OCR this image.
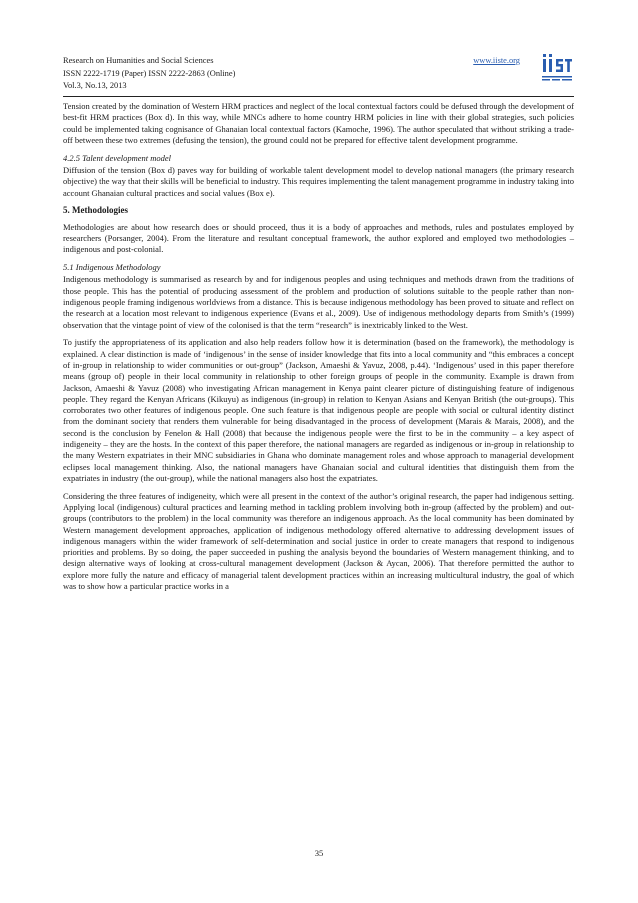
Research on Humanities and Social Sciences
ISSN 2222-1719 (Paper) ISSN 2222-2863 (Online)
Vol.3, No.13, 2013
www.iiste.org

Tension created by the domination of Western HRM practices and neglect of the local contextual factors could be defused through the development of best-fit HRM practices (Box d). In this way, while MNCs adhere to home country HRM policies in line with their global strategies, such policies could be implemented taking cognisance of Ghanaian local contextual factors (Kamoche, 1996). The author speculated that without striking a trade-off between these two extremes (defusing the tension), the ground could not be prepared for effective talent development programme.

4.2.5 Talent development model

Diffusion of the tension (Box d) paves way for building of workable talent development model to develop national managers (the primary research objective) the way that their skills will be beneficial to industry. This requires implementing the talent management programme in industry taking into account Ghanaian cultural practices and social values (Box e).

5. Methodologies

Methodologies are about how research does or should proceed, thus it is a body of approaches and methods, rules and postulates employed by researchers (Porsanger, 2004). From the literature and resultant conceptual framework, the author explored and employed two methodologies – indigenous and post-colonial.

5.1 Indigenous Methodology

Indigenous methodology is summarised as research by and for indigenous peoples and using techniques and methods drawn from the traditions of those people. This has the potential of producing assessment of the problem and production of solutions suitable to the people rather than non-indigenous people framing indigenous worldviews from a distance. This is because indigenous methodology has been proved to situate and reflect on the research at a location most relevant to indigenous experience (Evans et al., 2009). Use of indigenous methodology departs from Smith’s (1999) observation that the vintage point of view of the colonised is that the term “research” is inextricably linked to the West.

To justify the appropriateness of its application and also help readers follow how it is determination (based on the framework), the methodology is explained. A clear distinction is made of ‘indigenous’ in the sense of insider knowledge that fits into a local community and “this embraces a concept of in-group in relationship to wider communities or out-group” (Jackson, Amaeshi & Yavuz, 2008, p.44). ‘Indigenous’ used in this paper therefore means (group of) people in their local community in relationship to other foreign groups of people in the community. Example is drawn from Jackson, Amaeshi & Yavuz (2008) who investigating African management in Kenya paint clearer picture of distinguishing feature of indigenous people. They regard the Kenyan Africans (Kikuyu) as indigenous (in-group) in relation to Kenyan Asians and Kenyan British (the out-groups). This corroborates two other features of indigenous people. One such feature is that indigenous people are people with social or cultural identity distinct from the dominant society that renders them vulnerable for being disadvantaged in the process of development (Marais & Marais, 2008), and the second is the conclusion by Fenelon & Hall (2008) that because the indigenous people were the first to be in the community – a key aspect of indigeneity – they are the hosts. In the context of this paper therefore, the national managers are regarded as indigenous or in-group in relationship to the many Western expatriates in their MNC subsidiaries in Ghana who dominate management roles and whose approach to managerial development eclipses local management thinking. Also, the national managers have Ghanaian social and cultural identities that distinguish them from the expatriates in industry (the out-group), while the national managers also host the expatriates.

Considering the three features of indigeneity, which were all present in the context of the author’s original research, the paper had indigenous setting. Applying local (indigenous) cultural practices and learning method in tackling problem involving both in-group (affected by the problem) and out-groups (contributors to the problem) in the local community was therefore an indigenous approach. As the local community has been dominated by Western management development approaches, application of indigenous methodology offered alternative to addressing development issues of indigenous managers within the wider framework of self-determination and social justice in order to create managers that respond to indigenous priorities and problems. By so doing, the paper succeeded in pushing the analysis beyond the boundaries of Western management thinking, and to design alternative ways of looking at cross-cultural management development (Jackson & Aycan, 2006). That therefore permitted the author to explore more fully the nature and efficacy of managerial talent development practices within an increasing multicultural industry, the goal of which was to show how a particular practice works in a

35
